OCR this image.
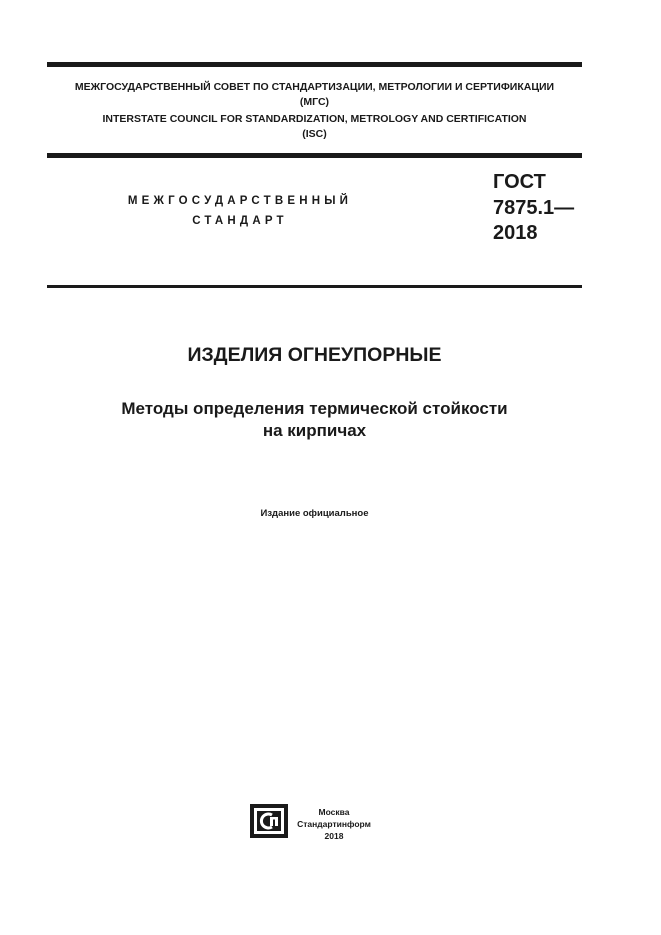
МЕЖГОСУДАРСТВЕННЫЙ СОВЕТ ПО СТАНДАРТИЗАЦИИ, МЕТРОЛОГИИ И СЕРТИФИКАЦИИ
(МГС)
INTERSTATE COUNCIL FOR STANDARDIZATION, METROLOGY AND CERTIFICATION
(ISC)
МЕЖГОСУДАРСТВЕННЫЙ
СТАНДАРТ
ГОСТ
7875.1—
2018
ИЗДЕЛИЯ ОГНЕУПОРНЫЕ
Методы определения термической стойкости
на кирпичах
Издание официальное
Москва
Стандартинформ
2018
